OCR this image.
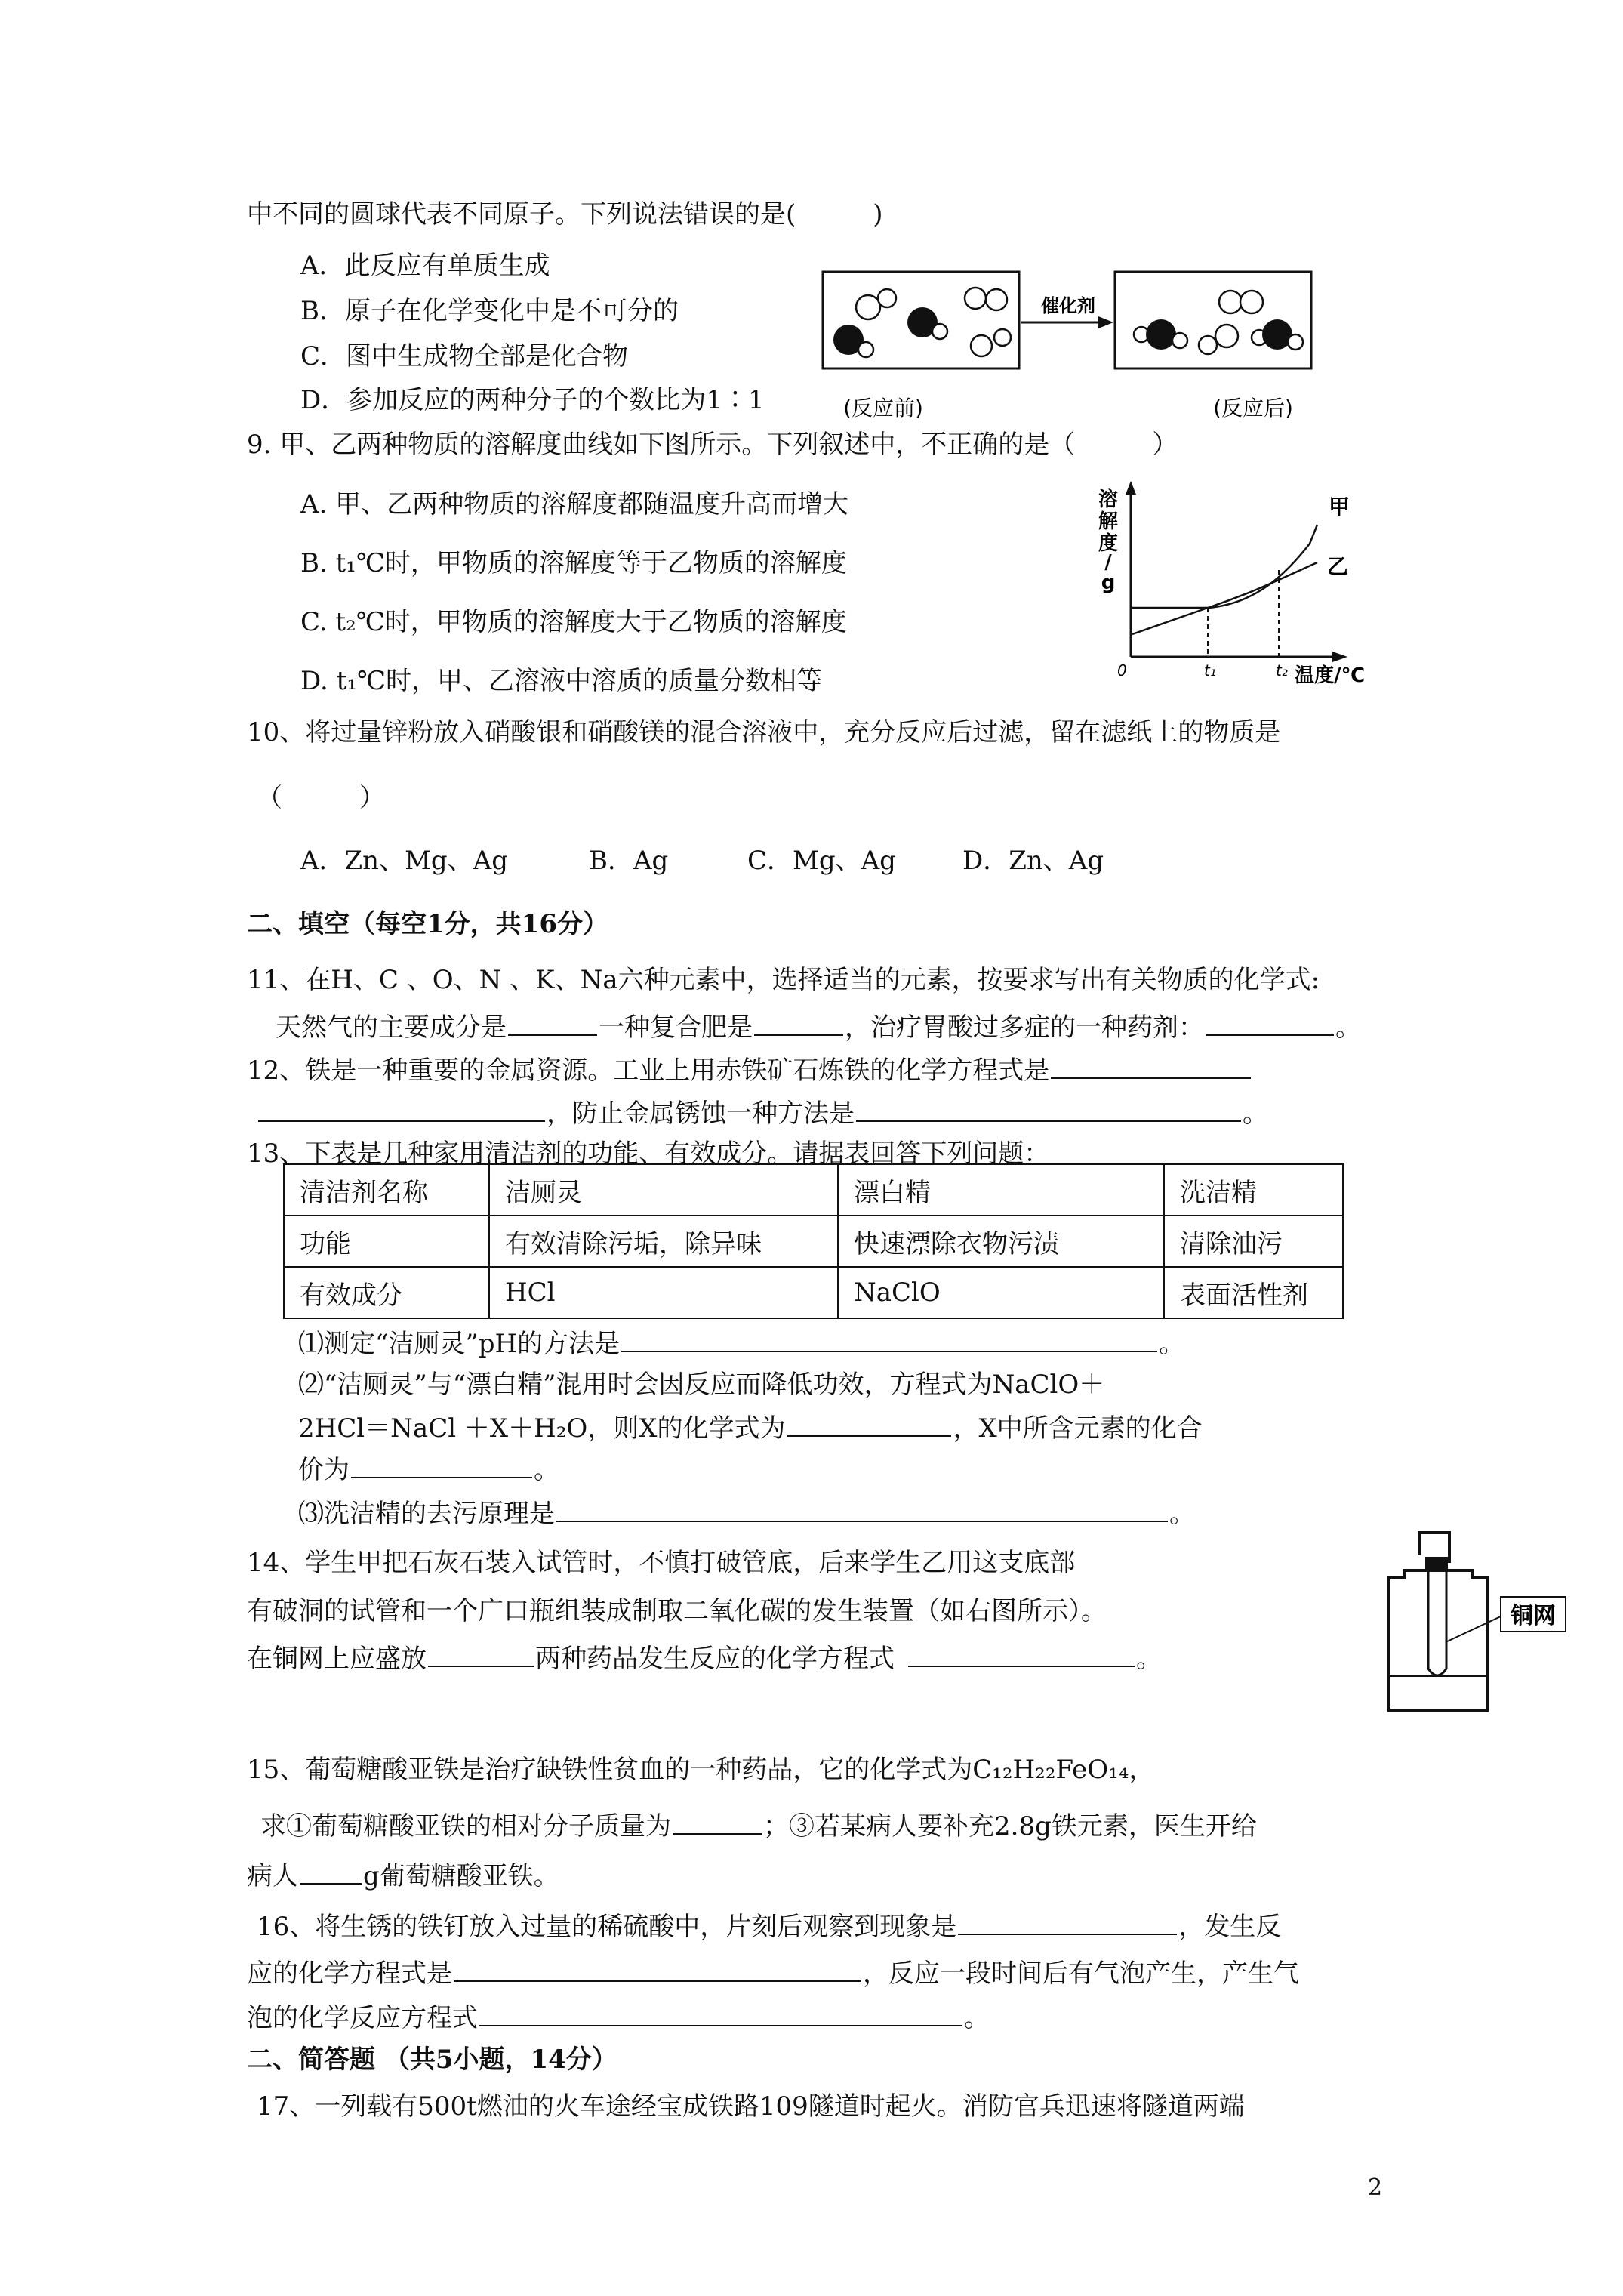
中不同的圆球代表不同原子。下列说法错误的是(　　　)
A．此反应有单质生成
B．原子在化学变化中是不可分的
C．图中生成物全部是化合物
D．参加反应的两种分子的个数比为1∶1
催化剂
(反应前)	(反应后)
9. 甲、乙两种物质的溶解度曲线如下图所示。下列叙述中，不正确的是（　　　）
A. 甲、乙两种物质的溶解度都随温度升高而增大
B. t₁℃时，甲物质的溶解度等于乙物质的溶解度
C. t₂℃时，甲物质的溶解度大于乙物质的溶解度
D. t₁℃时，甲、乙溶液中溶质的质量分数相等
溶
解
度
/
g
甲
乙
0	t₁	t₂ 温度/℃
10、将过量锌粉放入硝酸银和硝酸镁的混合溶液中，充分反应后过滤，留在滤纸上的物质是
（　　　）
A．Zn、Mg、Ag	B．Ag	C．Mg、Ag	D．Zn、Ag
二、填空（每空1分，共16分）
11、在H、C 、O、N 、K、Na六种元素中，选择适当的元素，按要求写出有关物质的化学式:
天然气的主要成分是	一种复合肥是	，治疗胃酸过多症的一种药剂：	。
12、铁是一种重要的金属资源。工业上用赤铁矿石炼铁的化学方程式是
，防止金属锈蚀一种方法是	。
13、下表是几种家用清洁剂的功能、有效成分。请据表回答下列问题：
清洁剂名称	洁厕灵	漂白精	洗洁精
功能	有效清除污垢，除异味	快速漂除衣物污渍	清除油污
有效成分	HCl	NaClO	表面活性剂
⑴测定“洁厕灵”pH的方法是	。
⑵“洁厕灵”与“漂白精”混用时会因反应而降低功效，方程式为NaClO＋
2HCl＝NaCl ＋X＋H₂O，则X的化学式为	，X中所含元素的化合
价为	。
⑶洗洁精的去污原理是	。
14、学生甲把石灰石装入试管时，不慎打破管底，后来学生乙用这支底部
有破洞的试管和一个广口瓶组装成制取二氧化碳的发生装置（如右图所示）。
在铜网上应盛放	两种药品发生反应的化学方程式	。
铜网
15、葡萄糖酸亚铁是治疗缺铁性贫血的一种药品，它的化学式为C₁₂H₂₂FeO₁₄，
求①葡萄糖酸亚铁的相对分子质量为	；③若某病人要补充2.8g铁元素，医生开给
病人	g葡萄糖酸亚铁。
16、将生锈的铁钉放入过量的稀硫酸中，片刻后观察到现象是	，发生反
应的化学方程式是	，反应一段时间后有气泡产生，产生气
泡的化学反应方程式	。
二、简答题 （共5小题，14分）
17、一列载有500t燃油的火车途经宝成铁路109隧道时起火。消防官兵迅速将隧道两端
2
